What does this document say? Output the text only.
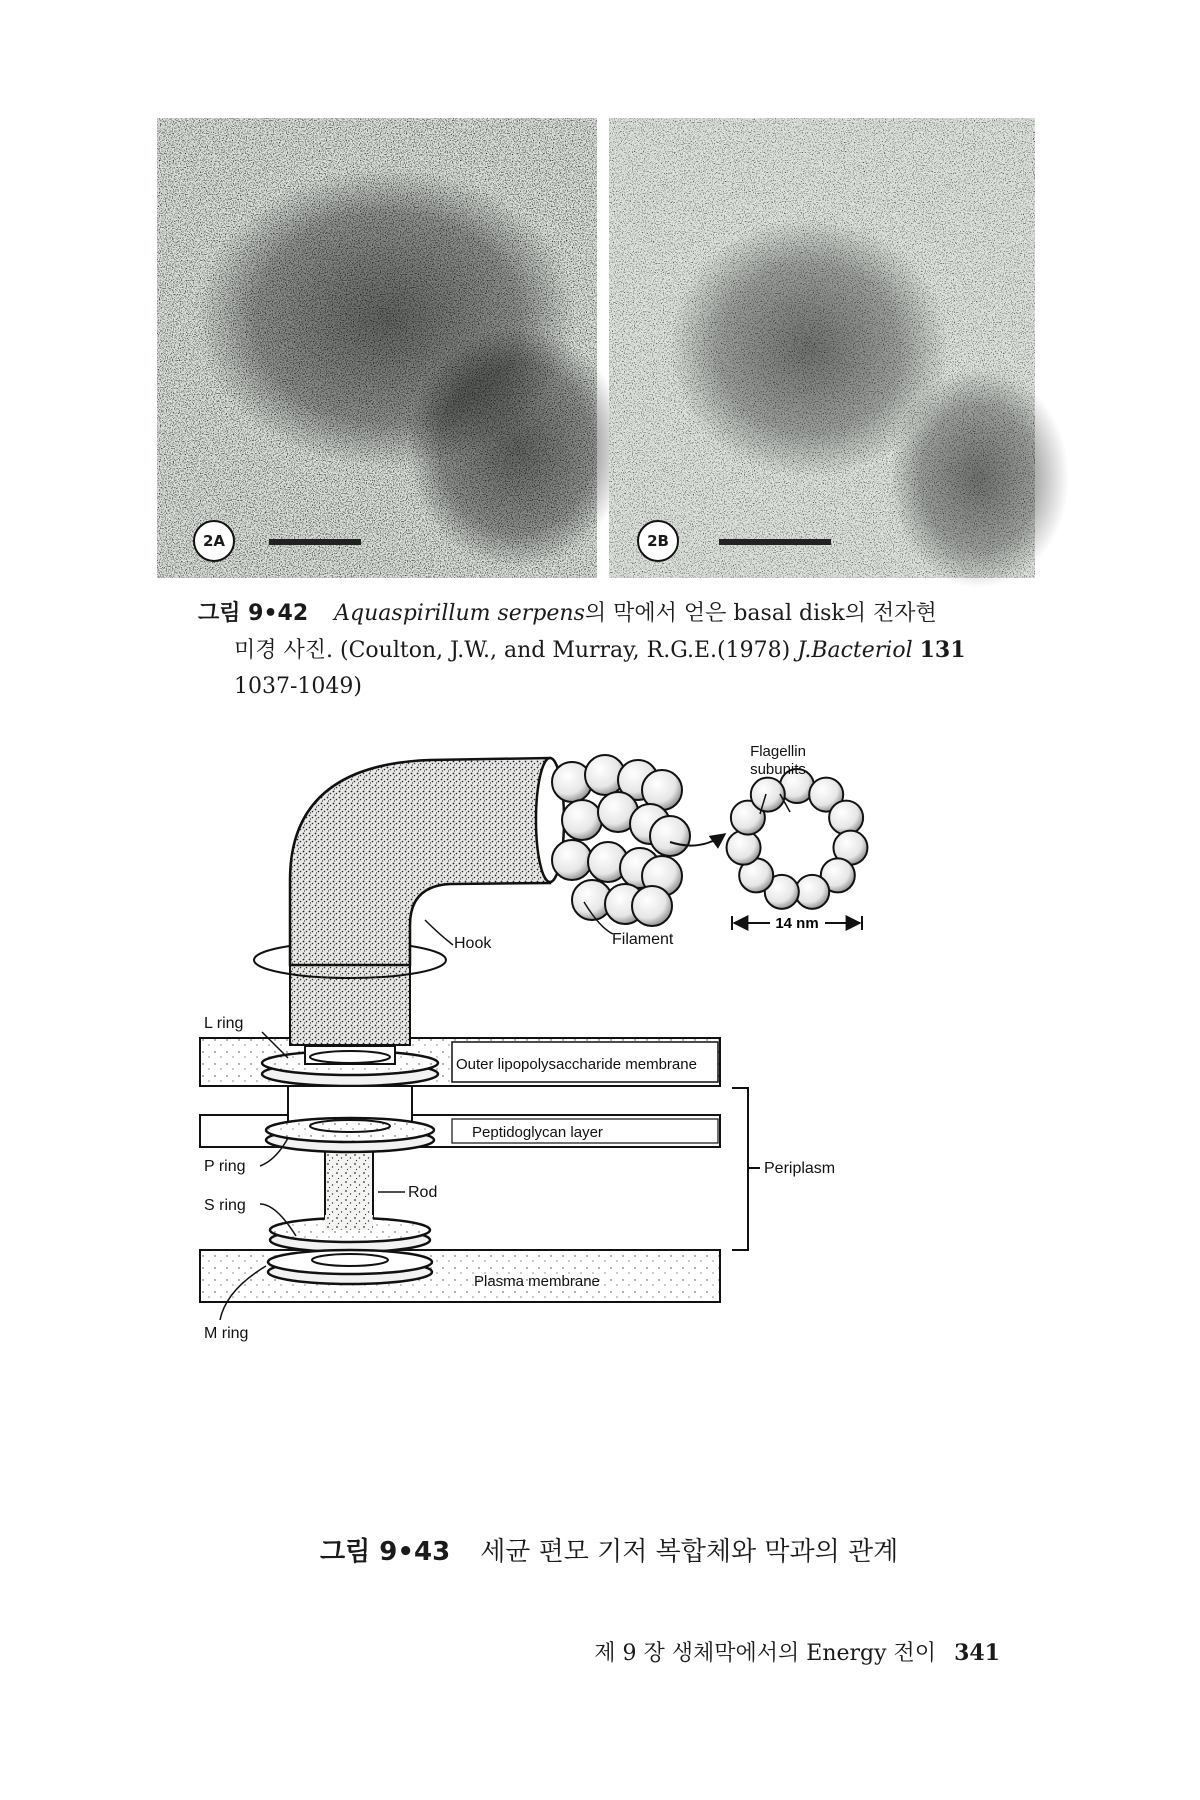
2A	2B
그림 9•42 Aquaspirillum serpens의 막에서 얻은 basal disk의 전자현
미경 사진. (Coulton, J.W., and Murray, R.G.E.(1978) J.Bacteriol 131
1037-1049)
14 nm
Flagellin
subunits
Filament
Hook
L ring
Outer lipopolysaccharide membrane
Peptidoglycan layer
P ring	Periplasm
S ring
Rod
Plasma membrane
M ring
그림 9•43 세균 편모 기저 복합체와 막과의 관계
제 9 장 생체막에서의 Energy 전이 341
